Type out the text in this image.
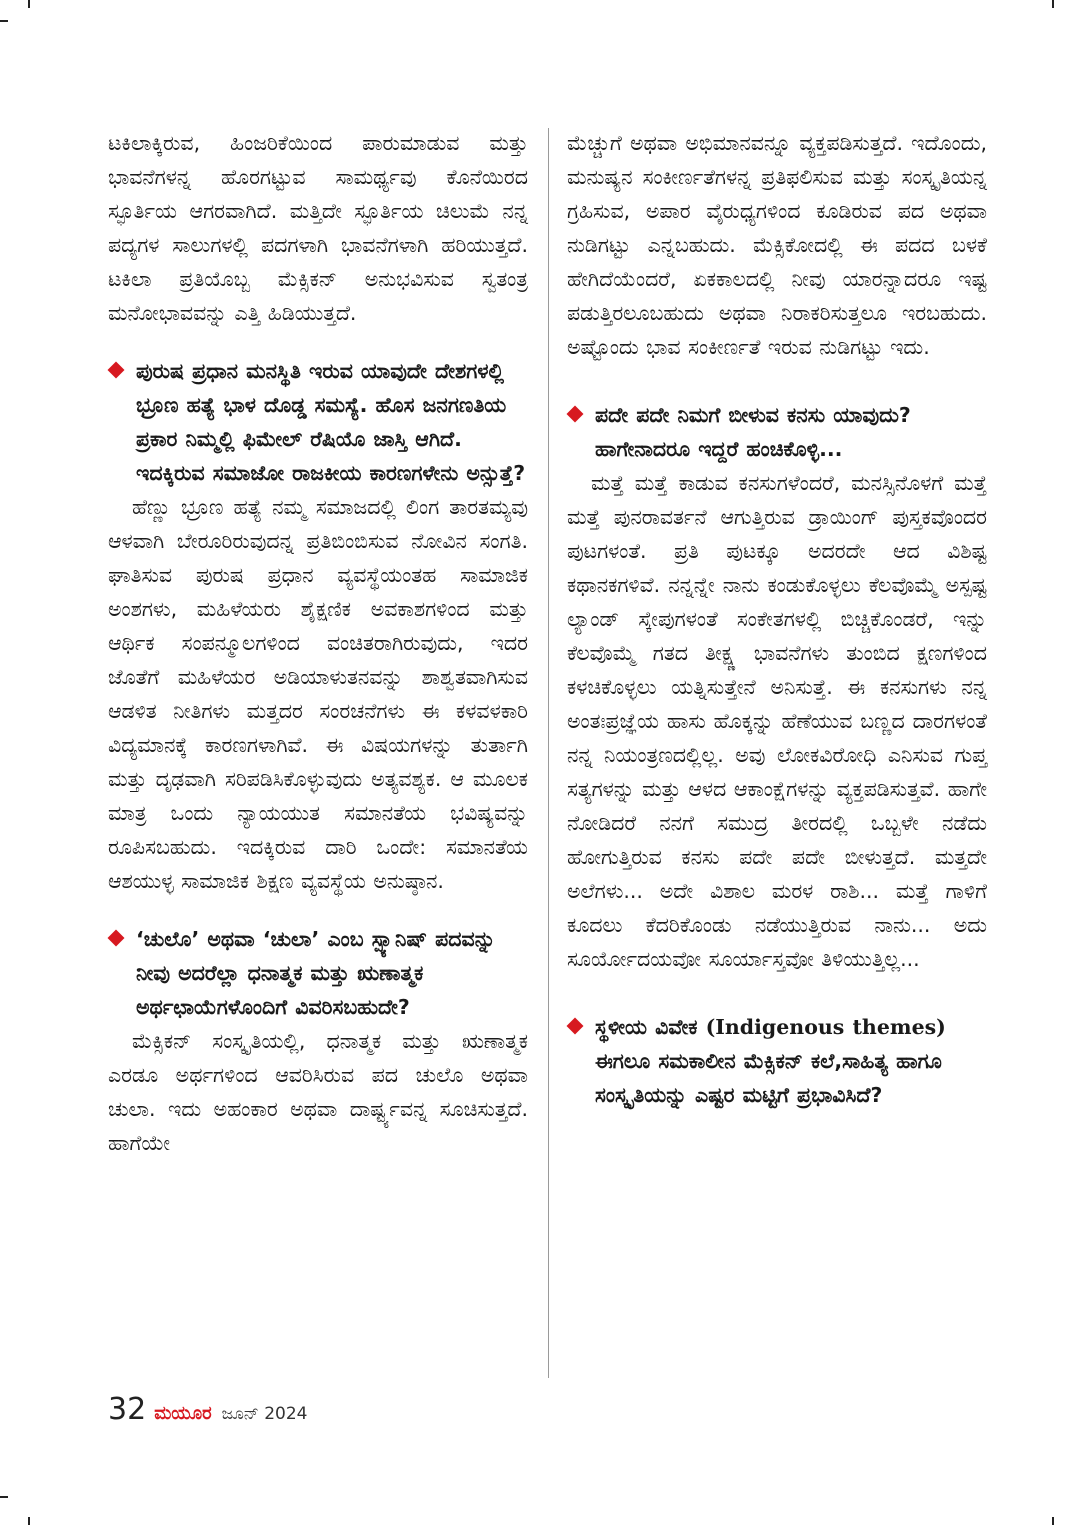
ಟಕಿಲಾಕ್ಕಿರುವ, ಹಿಂಜರಿಕೆಯಿಂದ ಪಾರುಮಾಡುವ ಮತ್ತು ಭಾವನೆಗಳನ್ನ ಹೊರಗಟ್ಟುವ ಸಾಮರ್ಥ್ಯವು ಕೊನೆಯಿರದ ಸ್ಫೂರ್ತಿಯ ಆಗರವಾಗಿದೆ. ಮತ್ತಿದೇ ಸ್ಫೂರ್ತಿಯ ಚಿಲುಮೆ ನನ್ನ ಪದ್ಯಗಳ ಸಾಲುಗಳಲ್ಲಿ ಪದಗಳಾಗಿ ಭಾವನೆಗಳಾಗಿ ಹರಿಯುತ್ತದೆ. ಟಕಿಲಾ ಪ್ರತಿಯೊಬ್ಬ ಮೆಕ್ಸಿಕನ್ ಅನುಭವಿಸುವ ಸ್ವತಂತ್ರ ಮನೋಭಾವವನ್ನು ಎತ್ತಿ ಹಿಡಿಯುತ್ತದೆ.

ಪುರುಷ ಪ್ರಧಾನ ಮನಸ್ಥಿತಿ ಇರುವ ಯಾವುದೇ ದೇಶಗಳಲ್ಲಿ ಭ್ರೂಣ ಹತ್ಯೆ ಭಾಳ ದೊಡ್ಡ ಸಮಸ್ಯೆ. ಹೊಸ ಜನಗಣತಿಯ ಪ್ರಕಾರ ನಿಮ್ಮಲ್ಲಿ ಫಿಮೇಲ್ ರೆಷಿಯೊ ಜಾಸ್ತಿ ಆಗಿದೆ. ಇದಕ್ಕಿರುವ ಸಮಾಜೋ ರಾಜಕೀಯ ಕಾರಣಗಳೇನು ಅನ್ಸುತ್ತೆ?

ಹೆಣ್ಣು ಭ್ರೂಣ ಹತ್ಯೆ ನಮ್ಮ ಸಮಾಜದಲ್ಲಿ ಲಿಂಗ ತಾರತಮ್ಯವು ಆಳವಾಗಿ ಬೇರೂರಿರುವುದನ್ನ ಪ್ರತಿಬಿಂಬಿಸುವ ನೋವಿನ ಸಂಗತಿ. ಘಾತಿಸುವ ಪುರುಷ ಪ್ರಧಾನ ವ್ಯವಸ್ಥೆಯಂತಹ ಸಾಮಾಜಿಕ ಅಂಶಗಳು, ಮಹಿಳೆಯರು ಶೈಕ್ಷಣಿಕ ಅವಕಾಶಗಳಿಂದ ಮತ್ತು ಆರ್ಥಿಕ ಸಂಪನ್ಮೂಲಗಳಿಂದ ವಂಚಿತರಾಗಿರುವುದು, ಇದರ ಜೊತೆಗೆ ಮಹಿಳೆಯರ ಅಡಿಯಾಳುತನವನ್ನು ಶಾಶ್ವತವಾಗಿಸುವ ಆಡಳಿತ ನೀತಿಗಳು ಮತ್ತದರ ಸಂರಚನೆಗಳು ಈ ಕಳವಳಕಾರಿ ವಿದ್ಯಮಾನಕ್ಕೆ ಕಾರಣಗಳಾಗಿವೆ. ಈ ವಿಷಯಗಳನ್ನು ತುರ್ತಾಗಿ ಮತ್ತು ದೃಢವಾಗಿ ಸರಿಪಡಿಸಿಕೊಳ್ಳುವುದು ಅತ್ಯವಶ್ಯಕ. ಆ ಮೂಲಕ ಮಾತ್ರ ಒಂದು ನ್ಯಾಯಯುತ ಸಮಾನತೆಯ ಭವಿಷ್ಯವನ್ನು ರೂಪಿಸಬಹುದು. ಇದಕ್ಕಿರುವ ದಾರಿ ಒಂದೇ: ಸಮಾನತೆಯ ಆಶಯುಳ್ಳ ಸಾಮಾಜಿಕ ಶಿಕ್ಷಣ ವ್ಯವಸ್ಥೆಯ ಅನುಷ್ಠಾನ.

‘ಚುಲೊ’ ಅಥವಾ ‘ಚುಲಾ’ ಎಂಬ ಸ್ಪ್ಯಾನಿಷ್ ಪದವನ್ನು ನೀವು ಅದರೆಲ್ಲಾ ಧನಾತ್ಮಕ ಮತ್ತು ಋಣಾತ್ಮಕ ಅರ್ಥಛಾಯೆಗಳೊಂದಿಗೆ ವಿವರಿಸಬಹುದೇ?

ಮೆಕ್ಸಿಕನ್ ಸಂಸ್ಕೃತಿಯಲ್ಲಿ, ಧನಾತ್ಮಕ ಮತ್ತು ಋಣಾತ್ಮಕ ಎರಡೂ ಅರ್ಥಗಳಿಂದ ಆವರಿಸಿರುವ ಪದ ಚುಲೊ ಅಥವಾ ಚುಲಾ. ಇದು ಅಹಂಕಾರ ಅಥವಾ ದಾರ್ಷ್ಟ್ಯವನ್ನ ಸೂಚಿಸುತ್ತದೆ. ಹಾಗೆಯೇ

ಮೆಚ್ಚುಗೆ ಅಥವಾ ಅಭಿಮಾನವನ್ನೂ ವ್ಯಕ್ತಪಡಿಸುತ್ತದೆ. ಇದೊಂದು, ಮನುಷ್ಯನ ಸಂಕೀರ್ಣತೆಗಳನ್ನ ಪ್ರತಿಫಲಿಸುವ ಮತ್ತು ಸಂಸ್ಕೃತಿಯನ್ನ ಗ್ರಹಿಸುವ, ಅಪಾರ ವೈರುಧ್ಯಗಳಿಂದ ಕೂಡಿರುವ ಪದ ಅಥವಾ ನುಡಿಗಟ್ಟು ಎನ್ನಬಹುದು. ಮೆಕ್ಸಿಕೋದಲ್ಲಿ ಈ ಪದದ ಬಳಕೆ ಹೇಗಿದೆಯೆಂದರೆ, ಏಕಕಾಲದಲ್ಲಿ ನೀವು ಯಾರನ್ನಾದರೂ ಇಷ್ಟ ಪಡುತ್ತಿರಲೂಬಹುದು ಅಥವಾ ನಿರಾಕರಿಸುತ್ತಲೂ ಇರಬಹುದು. ಅಷ್ಟೊಂದು ಭಾವ ಸಂಕೀರ್ಣತೆ ಇರುವ ನುಡಿಗಟ್ಟು ಇದು.

ಪದೇ ಪದೇ ನಿಮಗೆ ಬೀಳುವ ಕನಸು ಯಾವುದು? ಹಾಗೇನಾದರೂ ಇದ್ದರೆ ಹಂಚಿಕೊಳ್ಳಿ...

ಮತ್ತೆ ಮತ್ತೆ ಕಾಡುವ ಕನಸುಗಳೆಂದರೆ, ಮನಸ್ಸಿನೊಳಗೆ ಮತ್ತೆ ಮತ್ತೆ ಪುನರಾವರ್ತನೆ ಆಗುತ್ತಿರುವ ಡ್ರಾಯಿಂಗ್ ಪುಸ್ತಕವೊಂದರ ಪುಟಗಳಂತೆ. ಪ್ರತಿ ಪುಟಕ್ಕೂ ಅದರದೇ ಆದ ವಿಶಿಷ್ಟ ಕಥಾನಕಗಳಿವೆ. ನನ್ನನ್ನೇ ನಾನು ಕಂಡುಕೊಳ್ಳಲು ಕೆಲವೊಮ್ಮೆ ಅಸ್ಪಷ್ಟ ಲ್ಯಾಂಡ್ ಸ್ಕೇಪುಗಳಂತೆ ಸಂಕೇತಗಳಲ್ಲಿ ಬಿಚ್ಚಿಕೊಂಡರೆ, ಇನ್ನು ಕೆಲವೊಮ್ಮೆ ಗತದ ತೀಕ್ಷ್ಣ ಭಾವನೆಗಳು ತುಂಬಿದ ಕ್ಷಣಗಳಿಂದ ಕಳಚಿಕೊಳ್ಳಲು ಯತ್ನಿಸುತ್ತೇನೆ ಅನಿಸುತ್ತೆ. ಈ ಕನಸುಗಳು ನನ್ನ ಅಂತಃಪ್ರಜ್ಞೆಯ ಹಾಸು ಹೊಕ್ಕನ್ನು ಹೆಣೆಯುವ ಬಣ್ಣದ ದಾರಗಳಂತೆ ನನ್ನ ನಿಯಂತ್ರಣದಲ್ಲಿಲ್ಲ. ಅವು ಲೋಕವಿರೋಧಿ ಎನಿಸುವ ಗುಪ್ತ ಸತ್ಯಗಳನ್ನು ಮತ್ತು ಆಳದ ಆಕಾಂಕ್ಷೆಗಳನ್ನು ವ್ಯಕ್ತಪಡಿಸುತ್ತವೆ. ಹಾಗೇ ನೋಡಿದರೆ ನನಗೆ ಸಮುದ್ರ ತೀರದಲ್ಲಿ ಒಬ್ಬಳೇ ನಡೆದು ಹೋಗುತ್ತಿರುವ ಕನಸು ಪದೇ ಪದೇ ಬೀಳುತ್ತದೆ. ಮತ್ತದೇ ಅಲೆಗಳು... ಅದೇ ವಿಶಾಲ ಮರಳ ರಾಶಿ... ಮತ್ತೆ ಗಾಳಿಗೆ ಕೂದಲು ಕೆದರಿಕೊಂಡು ನಡೆಯುತ್ತಿರುವ ನಾನು... ಅದು ಸೂರ್ಯೋದಯವೋ ಸೂರ್ಯಾಸ್ತವೋ ತಿಳಿಯುತ್ತಿಲ್ಲ...

ಸ್ಥಳೀಯ ವಿವೇಕ (Indigenous themes) ಈಗಲೂ ಸಮಕಾಲೀನ ಮೆಕ್ಸಿಕನ್ ಕಲೆ,ಸಾಹಿತ್ಯ ಹಾಗೂ ಸಂಸ್ಕೃತಿಯನ್ನು ಎಷ್ಟರ ಮಟ್ಟಿಗೆ ಪ್ರಭಾವಿಸಿದೆ?
32 ಮಯೂರ ಜೂನ್ 2024
